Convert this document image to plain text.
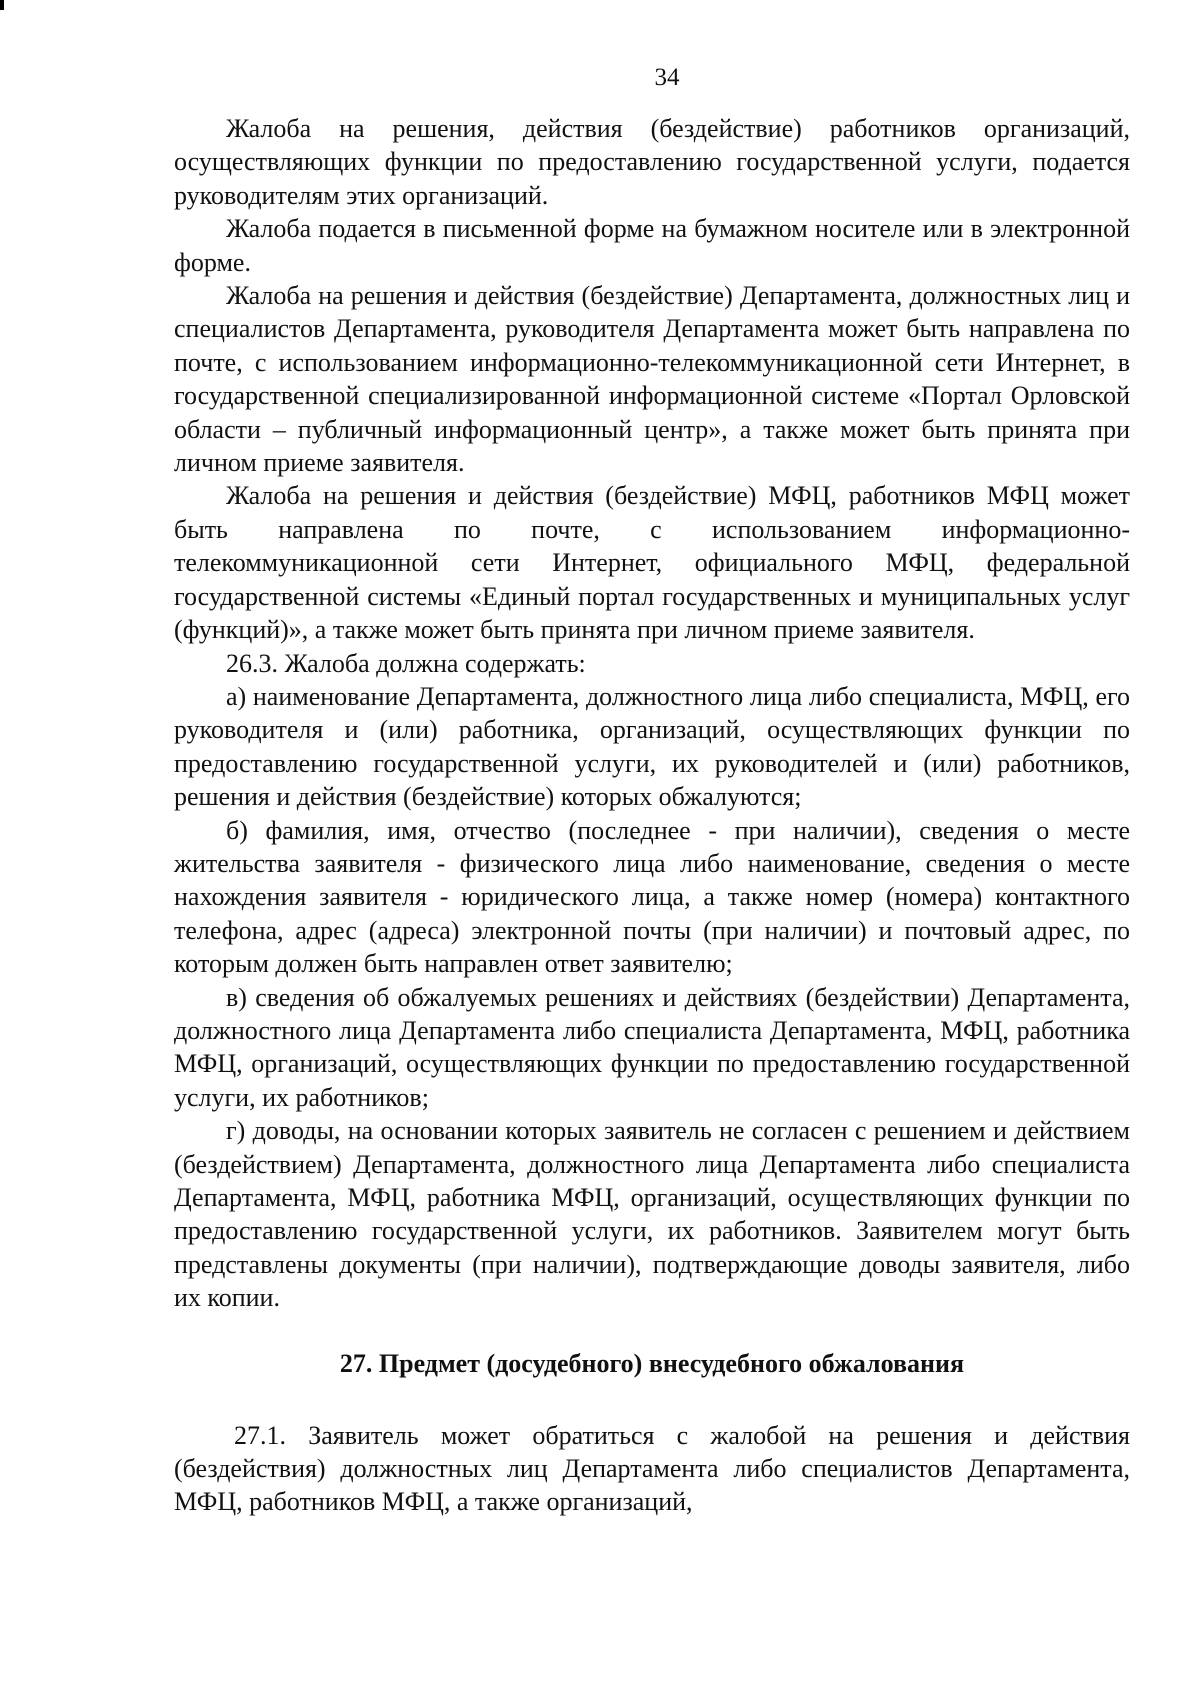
34

Жалоба на решения, действия (бездействие) работников организаций, осуществляющих функции по предоставлению государственной услуги, подается руководителям этих организаций.

Жалоба подается в письменной форме на бумажном носителе или в электронной форме.

Жалоба на решения и действия (бездействие) Департамента, должностных лиц и специалистов Департамента, руководителя Департамента может быть направлена по почте, с использованием информационно-телекоммуникационной сети Интернет, в государственной специализированной информационной системе «Портал Орловской области – публичный информационный центр», а также может быть принята при личном приеме заявителя.

Жалоба на решения и действия (бездействие) МФЦ, работников МФЦ может быть направлена по почте, с использованием информационно-телекоммуникационной сети Интернет, официального МФЦ, федеральной государственной системы «Единый портал государственных и муниципальных услуг (функций)», а также может быть принята при личном приеме заявителя.

26.3. Жалоба должна содержать:

а) наименование Департамента, должностного лица либо специалиста, МФЦ, его руководителя и (или) работника, организаций, осуществляющих функции по предоставлению государственной услуги, их руководителей и (или) работников, решения и действия (бездействие) которых обжалуются;

б) фамилия, имя, отчество (последнее - при наличии), сведения о месте жительства заявителя - физического лица либо наименование, сведения о месте нахождения заявителя - юридического лица, а также номер (номера) контактного телефона, адрес (адреса) электронной почты (при наличии) и почтовый адрес, по которым должен быть направлен ответ заявителю;

в) сведения об обжалуемых решениях и действиях (бездействии) Департамента, должностного лица Департамента либо специалиста Департамента, МФЦ, работника МФЦ, организаций, осуществляющих функции по предоставлению государственной услуги, их работников;

г) доводы, на основании которых заявитель не согласен с решением и действием (бездействием) Департамента, должностного лица Департамента либо специалиста Департамента, МФЦ, работника МФЦ, организаций, осуществляющих функции по предоставлению государственной услуги, их работников. Заявителем могут быть представлены документы (при наличии), подтверждающие доводы заявителя, либо их копии.

27. Предмет (досудебного) внесудебного обжалования

27.1. Заявитель может обратиться с жалобой на решения и действия (бездействия) должностных лиц Департамента либо специалистов Департамента, МФЦ, работников МФЦ, а также организаций,
